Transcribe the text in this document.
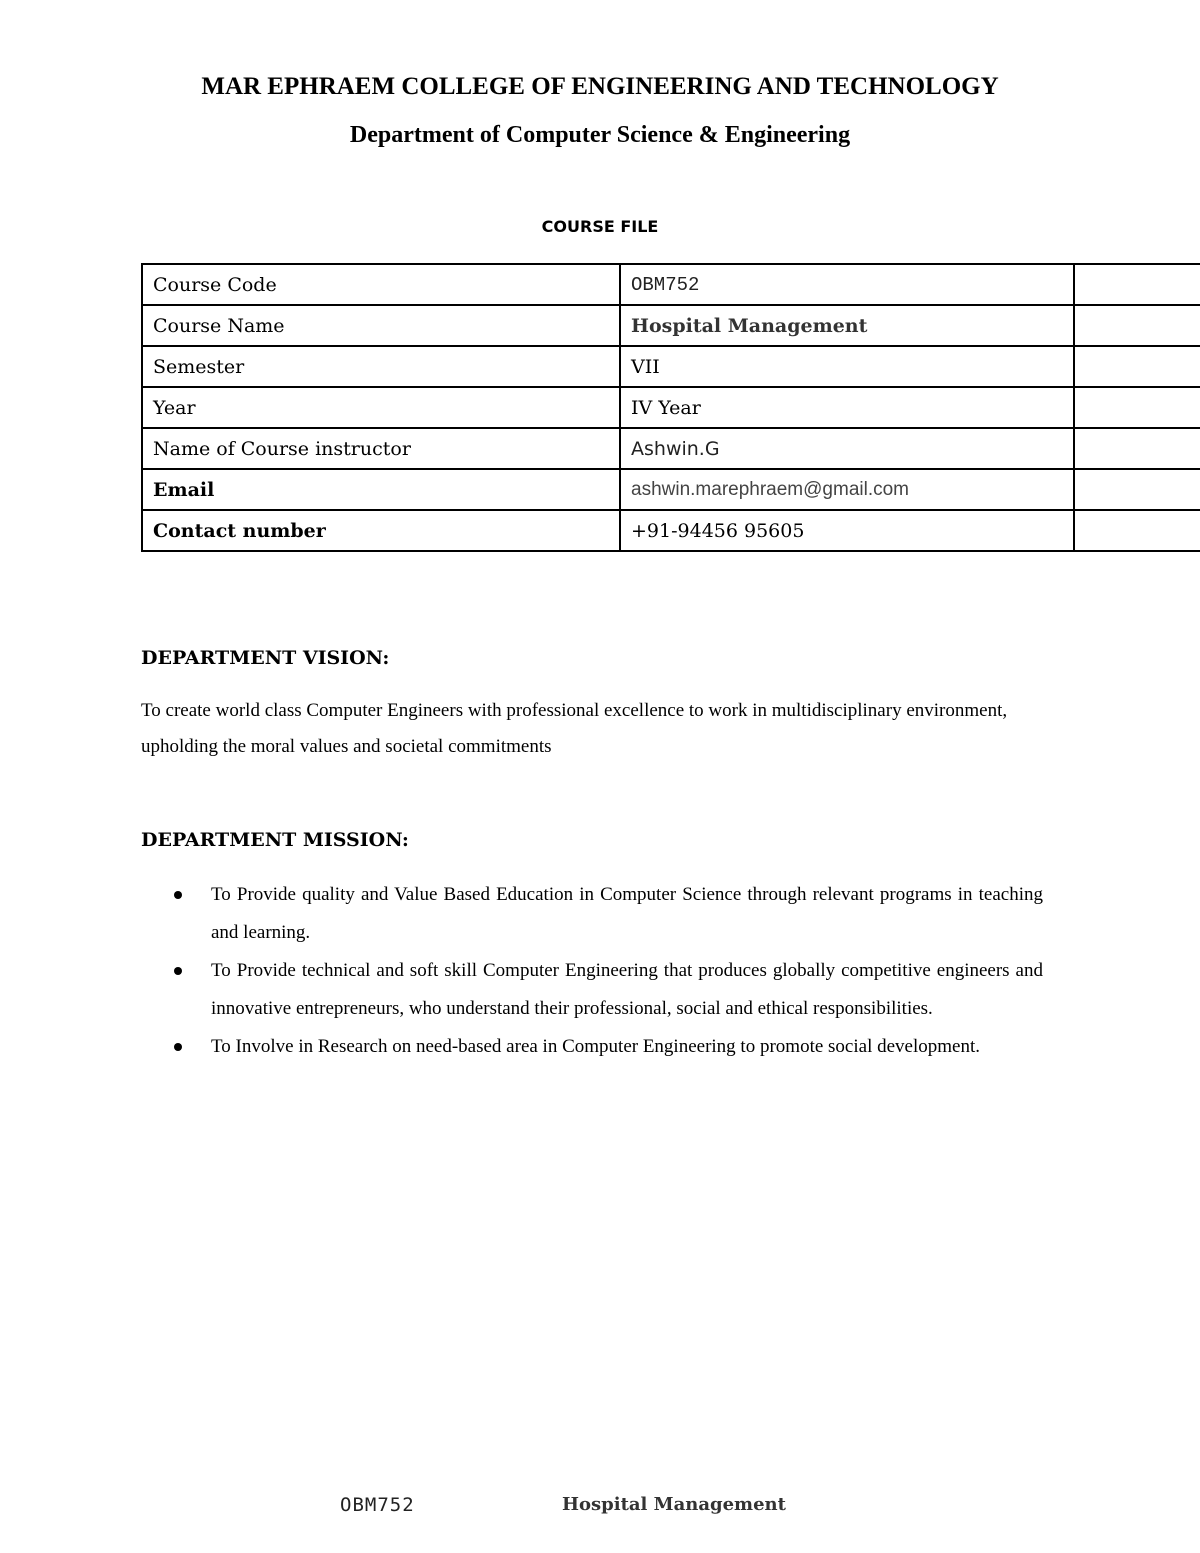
MAR EPHRAEM COLLEGE OF ENGINEERING AND TECHNOLOGY
Department of Computer Science & Engineering
COURSE FILE
Course Code	OBM752	
Course Name	Hospital Management	
Semester	VII	
Year	IV Year	
Name of Course instructor	Ashwin.G	
Email	ashwin.marephraem@gmail.com	
Contact number	+91-94456 95605	
DEPARTMENT VISION:
To create world class Computer Engineers with professional excellence to work in multidisciplinary environment, upholding the moral values and societal commitments
DEPARTMENT MISSION:
To Provide quality and Value Based Education in Computer Science through relevant programs in teaching and learning.
To Provide technical and soft skill Computer Engineering that produces globally competitive engineers and innovative entrepreneurs, who understand their professional, social and ethical responsibilities.
To Involve in Research on need-based area in Computer Engineering to promote social development.
OBM752	Hospital Management
